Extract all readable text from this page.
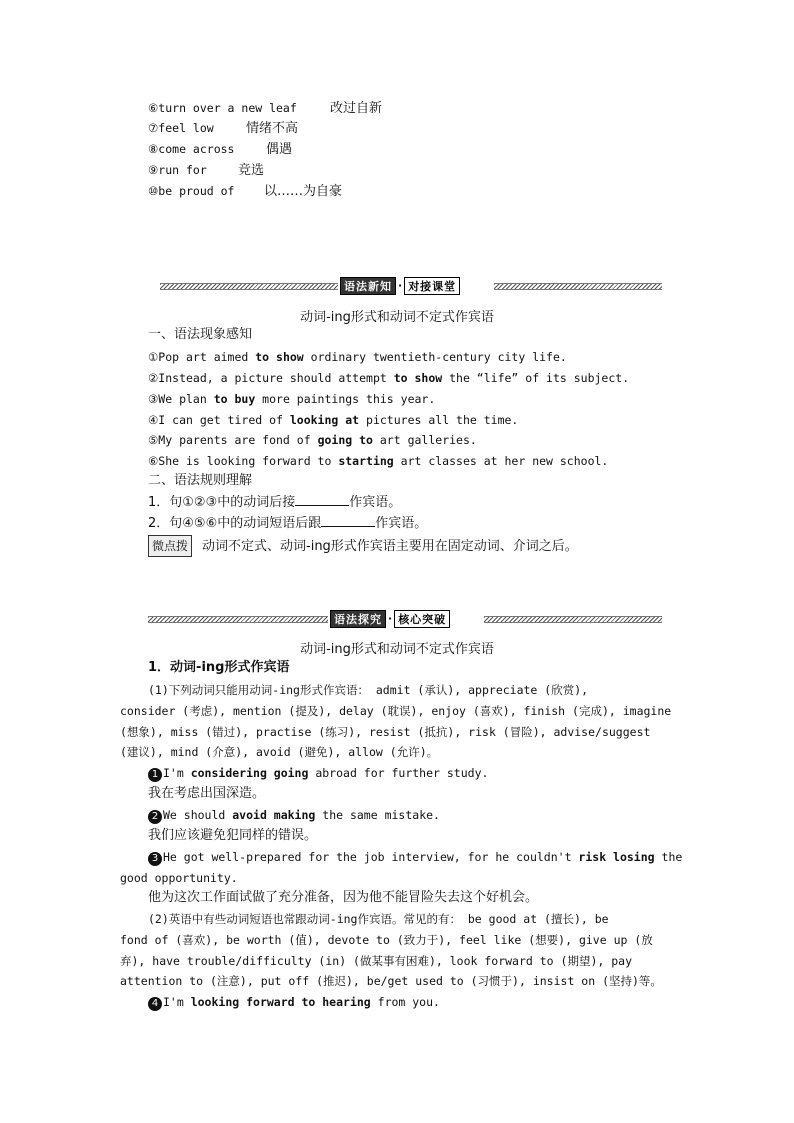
⑥turn over a new leaf	改过自新
⑦feel low 情绪不高
⑧come across 偶遇
⑨run for 竞选
⑩be proud of 以……为自豪
语法新知 · 对接课堂
动词-ing形式和动词不定式作宾语
一、语法现象感知
①Pop art aimed to show ordinary twentieth-century city life.
②Instead, a picture should attempt to show the “life” of its subject.
③We plan to buy more paintings this year.
④I can get tired of looking at pictures all the time.
⑤My parents are fond of going to art galleries.
⑥She is looking forward to starting art classes at her new school.
二、语法规则理解
1．句①②③中的动词后接	作宾语。
2．句④⑤⑥中的动词短语后跟	作宾语。
微点拨 动词不定式、动词-ing形式作宾语主要用在固定动词、介词之后。
语法探究 · 核心突破
动词-ing形式和动词不定式作宾语
1．动词-ing形式作宾语
(1)下列动词只能用动词-ing形式作宾语： admit (承认), appreciate (欣赏),
consider (考虑), mention (提及), delay (耽误), enjoy (喜欢), finish (完成), imagine
(想象), miss (错过), practise (练习), resist (抵抗), risk (冒险), advise/suggest
(建议), mind (介意), avoid (避免), allow (允许)。
1 I'm considering going abroad for further study.
我在考虑出国深造。
2 We should avoid making the same mistake.
我们应该避免犯同样的错误。
3 He got well-prepared for the job interview, for he couldn't risk losing the
good opportunity.
他为这次工作面试做了充分准备，因为他不能冒险失去这个好机会。
(2)英语中有些动词短语也常跟动词-ing作宾语。常见的有： be good at (擅长), be
fond of (喜欢), be worth (值), devote to (致力于), feel like (想要), give up (放
弃), have trouble/difficulty (in) (做某事有困难), look forward to (期望), pay
attention to (注意), put off (推迟), be/get used to (习惯于), insist on (坚持)等。
4 I'm looking forward to hearing from you.
